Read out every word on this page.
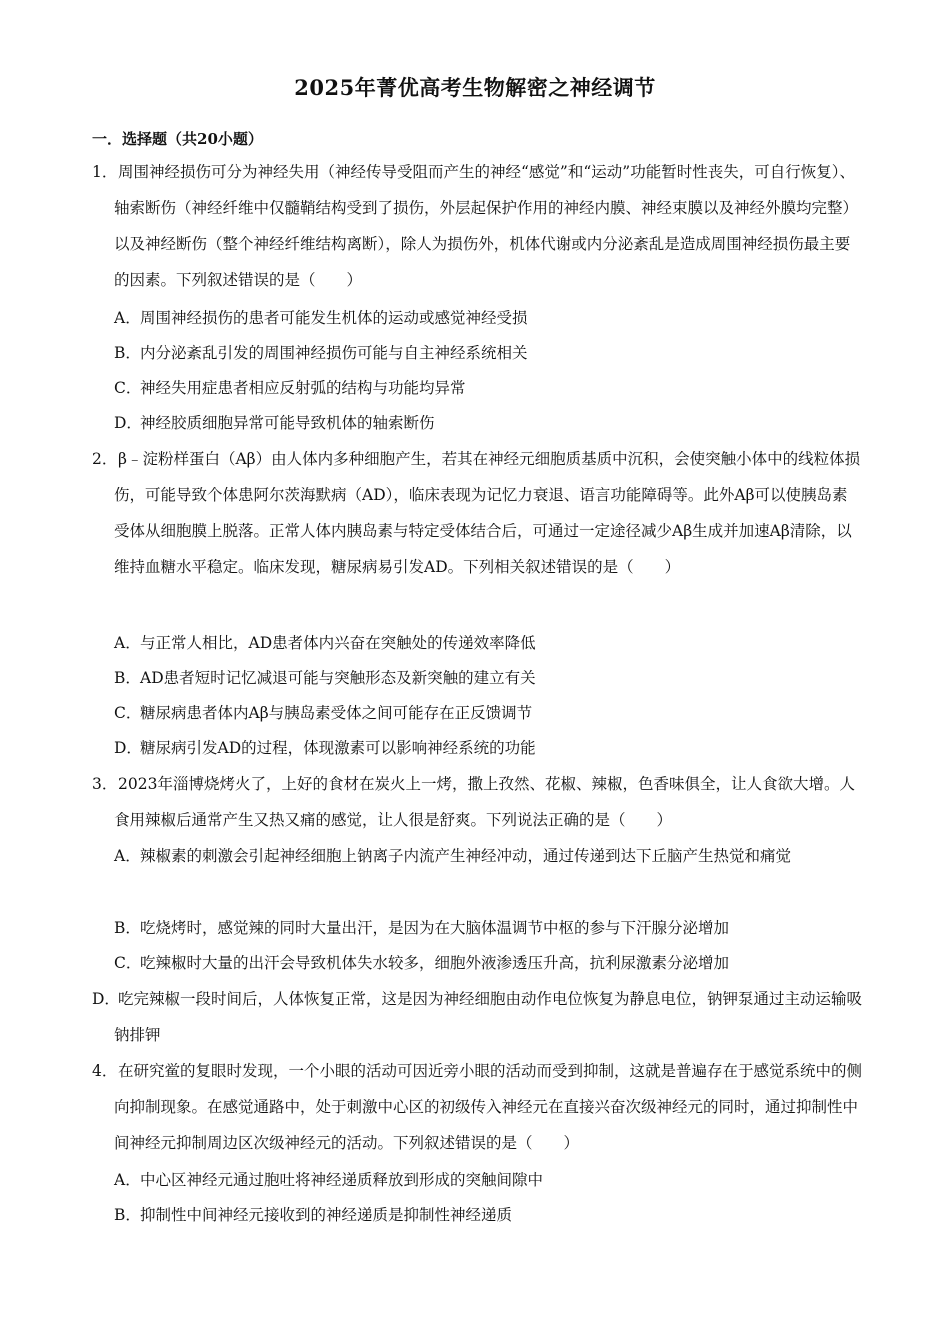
2025年菁优高考生物解密之神经调节
一．选择题（共20小题）
1．周围神经损伤可分为神经失用（神经传导受阻而产生的神经“感觉”和“运动”功能暂时性丧失，可自行恢复）、轴索断伤（神经纤维中仅髓鞘结构受到了损伤，外层起保护作用的神经内膜、神经束膜以及神经外膜均完整）以及神经断伤（整个神经纤维结构离断），除人为损伤外，机体代谢或内分泌紊乱是造成周围神经损伤最主要的因素。下列叙述错误的是（　　）
A．周围神经损伤的患者可能发生机体的运动或感觉神经受损
B．内分泌紊乱引发的周围神经损伤可能与自主神经系统相关
C．神经失用症患者相应反射弧的结构与功能均异常
D．神经胶质细胞异常可能导致机体的轴索断伤
2．β﹣淀粉样蛋白（Aβ）由人体内多种细胞产生，若其在神经元细胞质基质中沉积，会使突触小体中的线粒体损伤，可能导致个体患阿尔茨海默病（AD），临床表现为记忆力衰退、语言功能障碍等。此外Aβ可以使胰岛素受体从细胞膜上脱落。正常人体内胰岛素与特定受体结合后，可通过一定途径减少Aβ生成并加速Aβ清除，以维持血糖水平稳定。临床发现，糖尿病易引发AD。下列相关叙述错误的是（　　）
A．与正常人相比，AD患者体内兴奋在突触处的传递效率降低
B．AD患者短时记忆减退可能与突触形态及新突触的建立有关
C．糖尿病患者体内Aβ与胰岛素受体之间可能存在正反馈调节
D．糖尿病引发AD的过程，体现激素可以影响神经系统的功能
3．2023年淄博烧烤火了，上好的食材在炭火上一烤，撒上孜然、花椒、辣椒，色香味俱全，让人食欲大增。人食用辣椒后通常产生又热又痛的感觉，让人很是舒爽。下列说法正确的是（　　）
A．辣椒素的刺激会引起神经细胞上钠离子内流产生神经冲动，通过传递到达下丘脑产生热觉和痛觉
B．吃烧烤时，感觉辣的同时大量出汗，是因为在大脑体温调节中枢的参与下汗腺分泌增加
C．吃辣椒时大量的出汗会导致机体失水较多，细胞外液渗透压升高，抗利尿激素分泌增加
D．吃完辣椒一段时间后，人体恢复正常，这是因为神经细胞由动作电位恢复为静息电位，钠钾泵通过主动运输吸钠排钾
4．在研究鲎的复眼时发现，一个小眼的活动可因近旁小眼的活动而受到抑制，这就是普遍存在于感觉系统中的侧向抑制现象。在感觉通路中，处于刺激中心区的初级传入神经元在直接兴奋次级神经元的同时，通过抑制性中间神经元抑制周边区次级神经元的活动。下列叙述错误的是（　　）
A．中心区神经元通过胞吐将神经递质释放到形成的突触间隙中
B．抑制性中间神经元接收到的神经递质是抑制性神经递质
